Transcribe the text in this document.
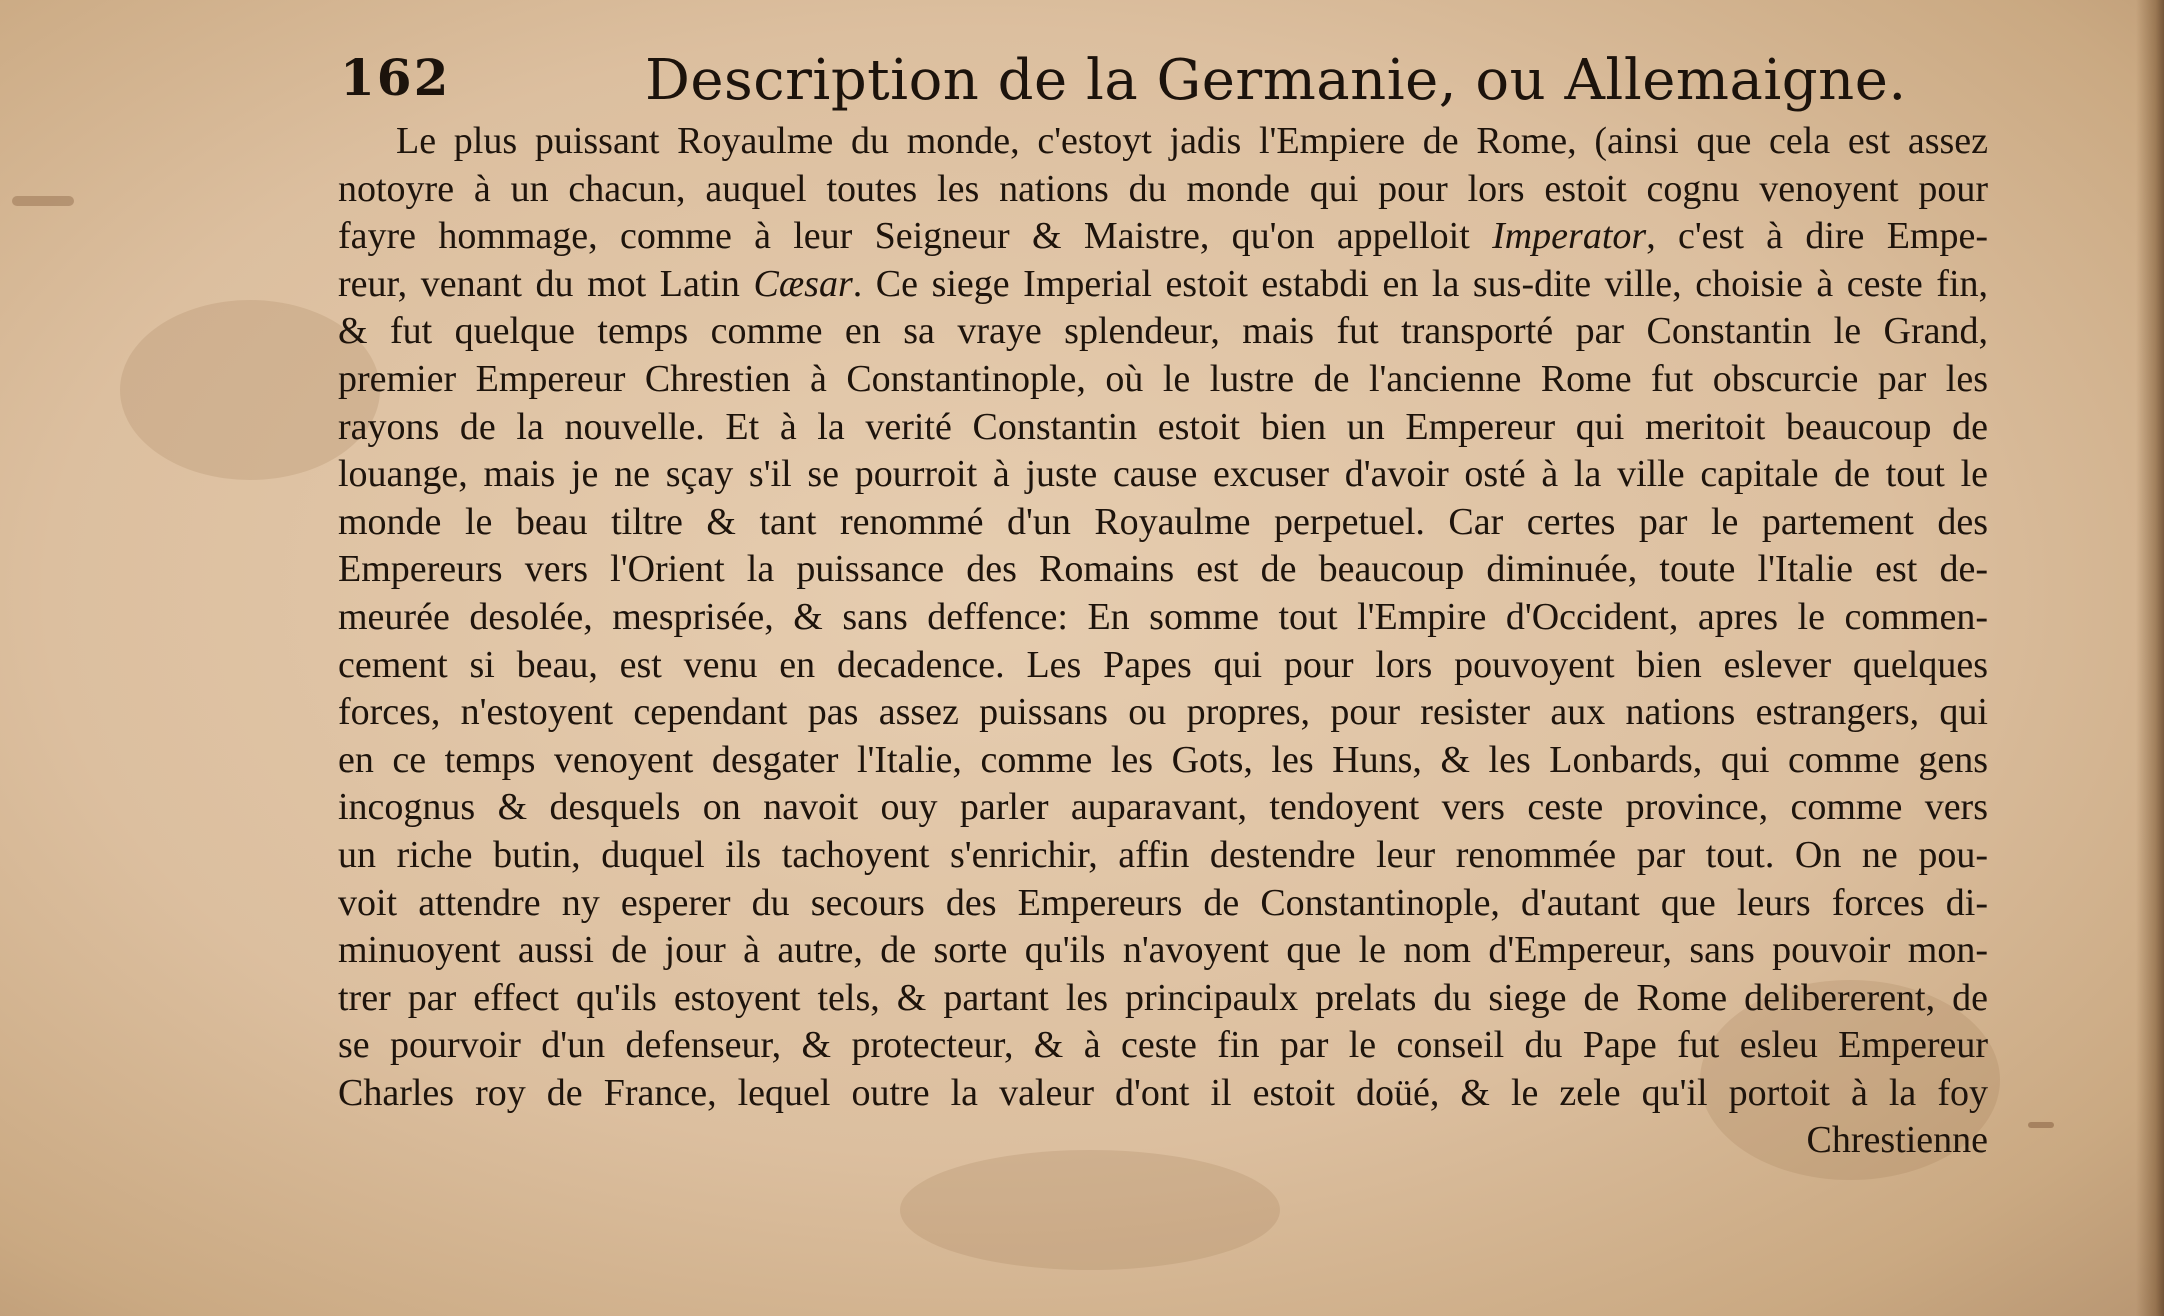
162	Description de la Germanie, ou Allemaigne.
Le plus puissant Royaulme du monde, c'estoyt jadis l'Empiere de Rome, (ainsi que cela est assez
notoyre à un chacun, auquel toutes les nations du monde qui pour lors estoit cognu venoyent pour
fayre hommage, comme à leur Seigneur & Maistre, qu'on appelloit Imperator, c'est à dire Empe-
reur, venant du mot Latin Cæsar. Ce siege Imperial estoit estabdi en la sus-dite ville, choisie à ceste fin,
& fut quelque temps comme en sa vraye splendeur, mais fut transporté par Constantin le Grand,
premier Empereur Chrestien à Constantinople, où le lustre de l'ancienne Rome fut obscurcie par les
rayons de la nouvelle. Et à la verité Constantin estoit bien un Empereur qui meritoit beaucoup de
louange, mais je ne sçay s'il se pourroit à juste cause excuser d'avoir osté à la ville capitale de tout le
monde le beau tiltre & tant renommé d'un Royaulme perpetuel. Car certes par le partement des
Empereurs vers l'Orient la puissance des Romains est de beaucoup diminuée, toute l'Italie est de-
meurée desolée, mesprisée, & sans deffence: En somme tout l'Empire d'Occident, apres le commen-
cement si beau, est venu en decadence. Les Papes qui pour lors pouvoyent bien eslever quelques
forces, n'estoyent cependant pas assez puissans ou propres, pour resister aux nations estrangers, qui
en ce temps venoyent desgater l'Italie, comme les Gots, les Huns, & les Lonbards, qui comme gens
incognus & desquels on navoit ouy parler auparavant, tendoyent vers ceste province, comme vers
un riche butin, duquel ils tachoyent s'enrichir, affin destendre leur renommée par tout. On ne pou-
voit attendre ny esperer du secours des Empereurs de Constantinople, d'autant que leurs forces di-
minuoyent aussi de jour à autre, de sorte qu'ils n'avoyent que le nom d'Empereur, sans pouvoir mon-
trer par effect qu'ils estoyent tels, & partant les principaulx prelats du siege de Rome delibererent, de
se pourvoir d'un defenseur, & protecteur, & à ceste fin par le conseil du Pape fut esleu Empereur
Charles roy de France, lequel outre la valeur d'ont il estoit doüé, & le zele qu'il portoit à la foy
Chrestienne
